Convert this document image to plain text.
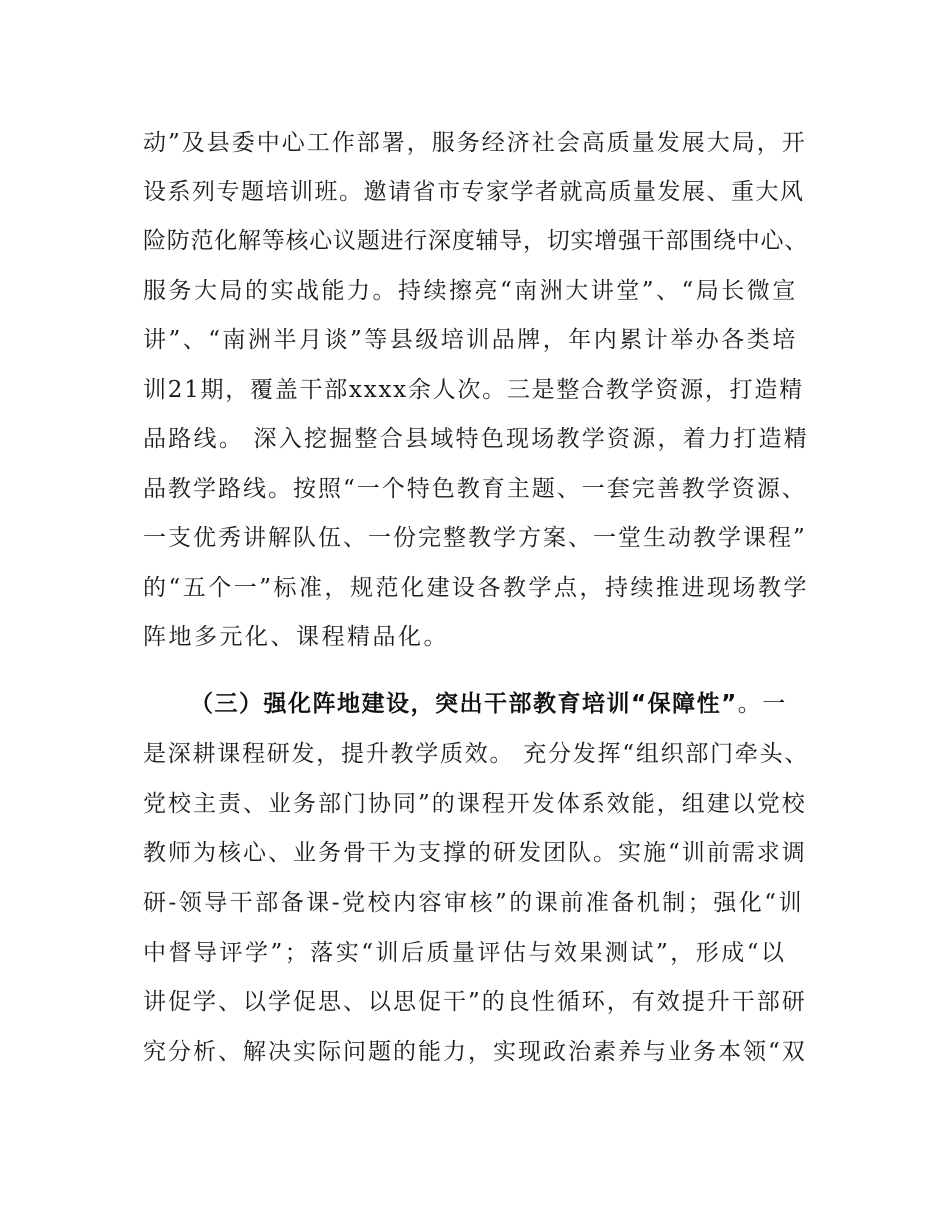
动”及县委中心工作部署，服务经济社会高质量发展大局，开

设系列专题培训班。邀请省市专家学者就高质量发展、重大风

险防范化解等核心议题进行深度辅导，切实增强干部围绕中心、

服务大局的实战能力。持续擦亮“南洲大讲堂”、“局长微宣

讲”、“南洲半月谈”等县级培训品牌，年内累计举办各类培

训21期，覆盖干部xxxx余人次。三是整合教学资源，打造精

品路线。 深入挖掘整合县域特色现场教学资源，着力打造精

品教学路线。按照“一个特色教育主题、一套完善教学资源、

一支优秀讲解队伍、一份完整教学方案、一堂生动教学课程”

的“五个一”标准，规范化建设各教学点，持续推进现场教学

阵地多元化、课程精品化。

（三）强化阵地建设，突出干部教育培训“保障性”。一

是深耕课程研发，提升教学质效。 充分发挥“组织部门牵头、

党校主责、业务部门协同”的课程开发体系效能，组建以党校

教师为核心、业务骨干为支撑的研发团队。实施“训前需求调

研-领导干部备课-党校内容审核”的课前准备机制；强化“训

中督导评学”；落实“训后质量评估与效果测试”，形成“以

讲促学、以学促思、以思促干”的良性循环，有效提升干部研

究分析、解决实际问题的能力，实现政治素养与业务本领“双
